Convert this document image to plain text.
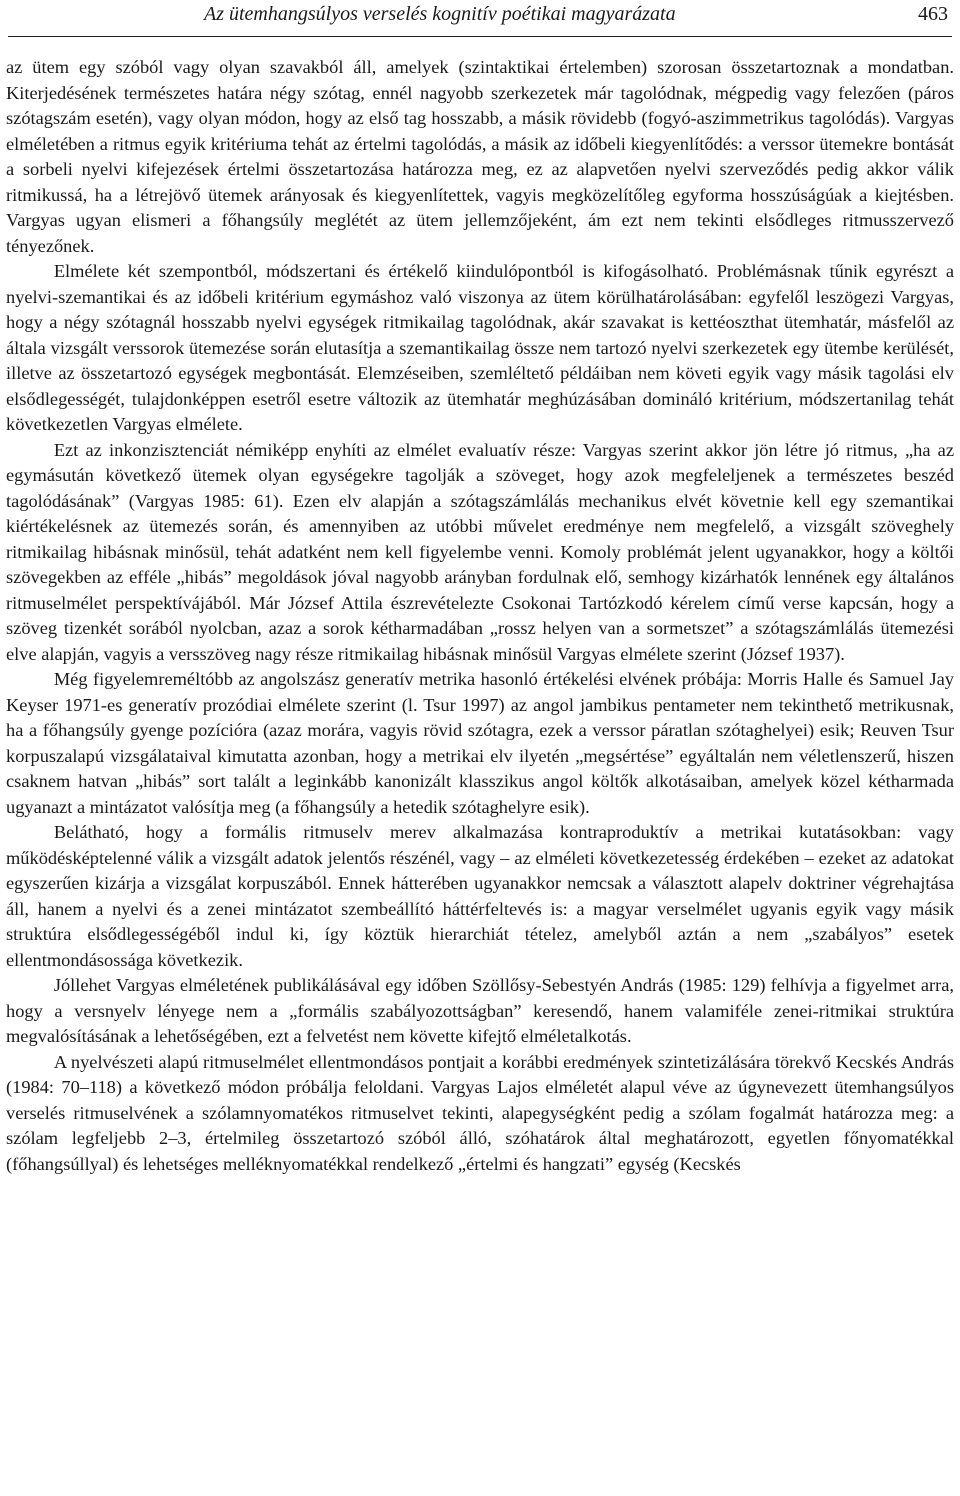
Az ütemhangsúlyos verselés kognitív poétikai magyarázata	463

az ütem egy szóból vagy olyan szavakból áll, amelyek (szintaktikai értelemben) szorosan összetartoznak a mondatban. Kiterjedésének természetes határa négy szótag, ennél nagyobb szerkezetek már tagolódnak, mégpedig vagy felezően (páros szótagszám esetén), vagy olyan módon, hogy az első tag hosszabb, a másik rövidebb (fogyó-aszimmetrikus tagolódás). Vargyas elméletében a ritmus egyik kritériuma tehát az értelmi tagolódás, a másik az időbeli kiegyenlítődés: a verssor ütemekre bontását a sorbeli nyelvi kifejezések értelmi összetartozása határozza meg, ez az alapvetően nyelvi szerveződés pedig akkor válik ritmikussá, ha a létrejövő ütemek arányosak és kiegyenlítettek, vagyis megközelítőleg egyforma hosszúságúak a kiejtésben. Vargyas ugyan elismeri a főhangsúly meglétét az ütem jellemzőjeként, ám ezt nem tekinti elsődleges ritmusszervező tényezőnek.

Elmélete két szempontból, módszertani és értékelő kiindulópontból is kifogásolható. Problémásnak tűnik egyrészt a nyelvi-szemantikai és az időbeli kritérium egymáshoz való viszonya az ütem körülhatárolásában: egyfelől leszögezi Vargyas, hogy a négy szótagnál hosszabb nyelvi egységek ritmikailag tagolódnak, akár szavakat is kettéoszthat ütemhatár, másfelől az általa vizsgált verssorok ütemezése során elutasítja a szemantikailag össze nem tartozó nyelvi szerkezetek egy ütembe kerülését, illetve az összetartozó egységek megbontását. Elemzéseiben, szemléltető példáiban nem követi egyik vagy másik tagolási elv elsődlegességét, tulajdonképpen esetről esetre változik az ütemhatár meghúzásában domináló kritérium, módszertanilag tehát következetlen Vargyas elmélete.

Ezt az inkonzisztenciát némiképp enyhíti az elmélet evaluatív része: Vargyas szerint akkor jön létre jó ritmus, „ha az egymásután következő ütemek olyan egységekre tagolják a szöveget, hogy azok megfeleljenek a természetes beszéd tagolódásának” (Vargyas 1985: 61). Ezen elv alapján a szótagszámlálás mechanikus elvét követnie kell egy szemantikai kiértékelésnek az ütemezés során, és amennyiben az utóbbi művelet eredménye nem megfelelő, a vizsgált szöveghely ritmikailag hibásnak minősül, tehát adatként nem kell figyelembe venni. Komoly problémát jelent ugyanakkor, hogy a költői szövegekben az efféle „hibás” megoldások jóval nagyobb arányban fordulnak elő, semhogy kizárhatók lennének egy általános ritmuselmélet perspektívájából. Már József Attila észrevételezte Csokonai Tartózkodó kérelem című verse kapcsán, hogy a szöveg tizenkét sorából nyolcban, azaz a sorok kétharmadában „rossz helyen van a sormetszet” a szótagszámlálás ütemezési elve alapján, vagyis a versszöveg nagy része ritmikailag hibásnak minősül Vargyas elmélete szerint (József 1937).

Még figyelemreméltóbb az angolszász generatív metrika hasonló értékelési elvének próbája: Morris Halle és Samuel Jay Keyser 1971-es generatív prozódiai elmélete szerint (l. Tsur 1997) az angol jambikus pentameter nem tekinthető metrikusnak, ha a főhangsúly gyenge pozícióra (azaz morára, vagyis rövid szótagra, ezek a verssor páratlan szótaghelyei) esik; Reuven Tsur korpuszalapú vizsgálataival kimutatta azonban, hogy a metrikai elv ilyetén „megsértése” egyáltalán nem véletlenszerű, hiszen csaknem hatvan „hibás” sort talált a leginkább kanonizált klasszikus angol költők alkotásaiban, amelyek közel kétharmada ugyanazt a mintázatot valósítja meg (a főhangsúly a hetedik szótaghelyre esik).

Belátható, hogy a formális ritmuselv merev alkalmazása kontraproduktív a metrikai kutatásokban: vagy működésképtelenné válik a vizsgált adatok jelentős részénél, vagy – az elméleti következetesség érdekében – ezeket az adatokat egyszerűen kizárja a vizsgálat korpuszából. Ennek hátterében ugyanakkor nemcsak a választott alapelv doktriner végrehajtása áll, hanem a nyelvi és a zenei mintázatot szembeállító háttérfeltevés is: a magyar verselmélet ugyanis egyik vagy másik struktúra elsődlegességéből indul ki, így köztük hierarchiát tételez, amelyből aztán a nem „szabályos” esetek ellentmondásossága következik.

Jóllehet Vargyas elméletének publikálásával egy időben Szöllősy-Sebestyén András (1985: 129) felhívja a figyelmet arra, hogy a versnyelv lényege nem a „formális szabályozottságban” keresendő, hanem valamiféle zenei-ritmikai struktúra megvalósításának a lehetőségében, ezt a felvetést nem követte kifejtő elméletalkotás.

A nyelvészeti alapú ritmuselmélet ellentmondásos pontjait a korábbi eredmények szintetizálására törekvő Kecskés András (1984: 70–118) a következő módon próbálja feloldani. Vargyas Lajos elméletét alapul véve az úgynevezett ütemhangsúlyos verselés ritmuselvének a szólamnyomatékos ritmuselvet tekinti, alapegységként pedig a szólam fogalmát határozza meg: a szólam legfeljebb 2–3, értelmileg összetartozó szóból álló, szóhatárok által meghatározott, egyetlen főnyomatékkal (főhangsúllyal) és lehetséges melléknyomatékkal rendelkező „értelmi és hangzati” egység (Kecskés
